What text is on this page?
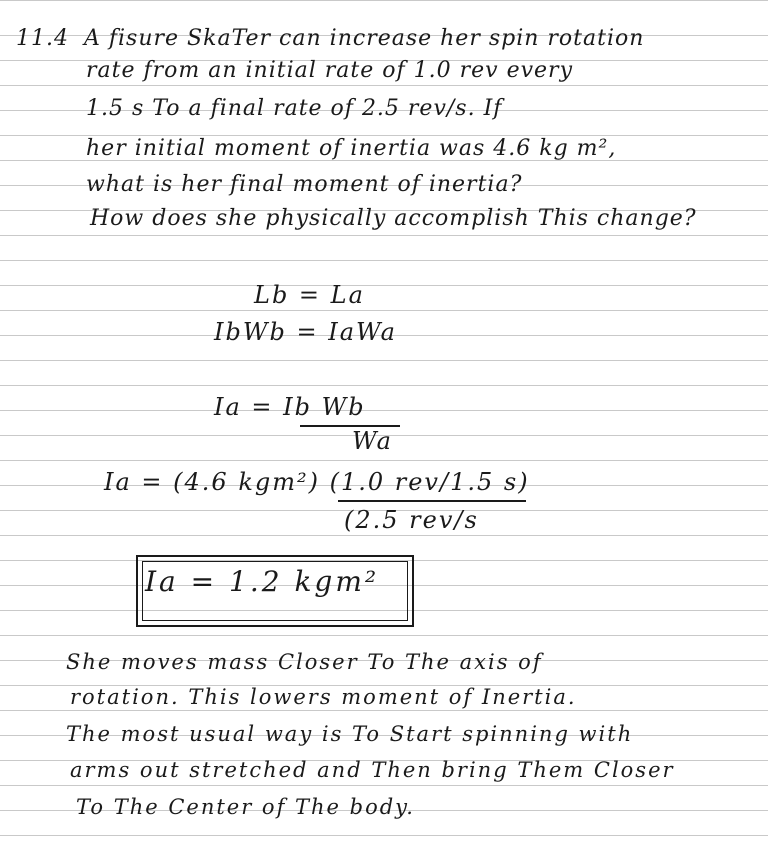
11.4 A fisure SkaTer can increase her spin rotation
rate from an initial rate of 1.0 rev every
1.5 s To a final rate of 2.5 rev/s. If
her initial moment of inertia was 4.6 kg m²,
what is her final moment of inertia?
How does she physically accomplish This change?
Lb = La
IbWb = IaWa
Ia = Ib Wb
Wa
Ia = (4.6 kgm²) (1.0 rev/1.5 s)
(2.5 rev/s
Ia = 1.2 kgm²
She moves mass Closer To The axis of
rotation. This lowers moment of Inertia.
The most usual way is To Start spinning with
arms out stretched and Then bring Them Closer
To The Center of The body.
